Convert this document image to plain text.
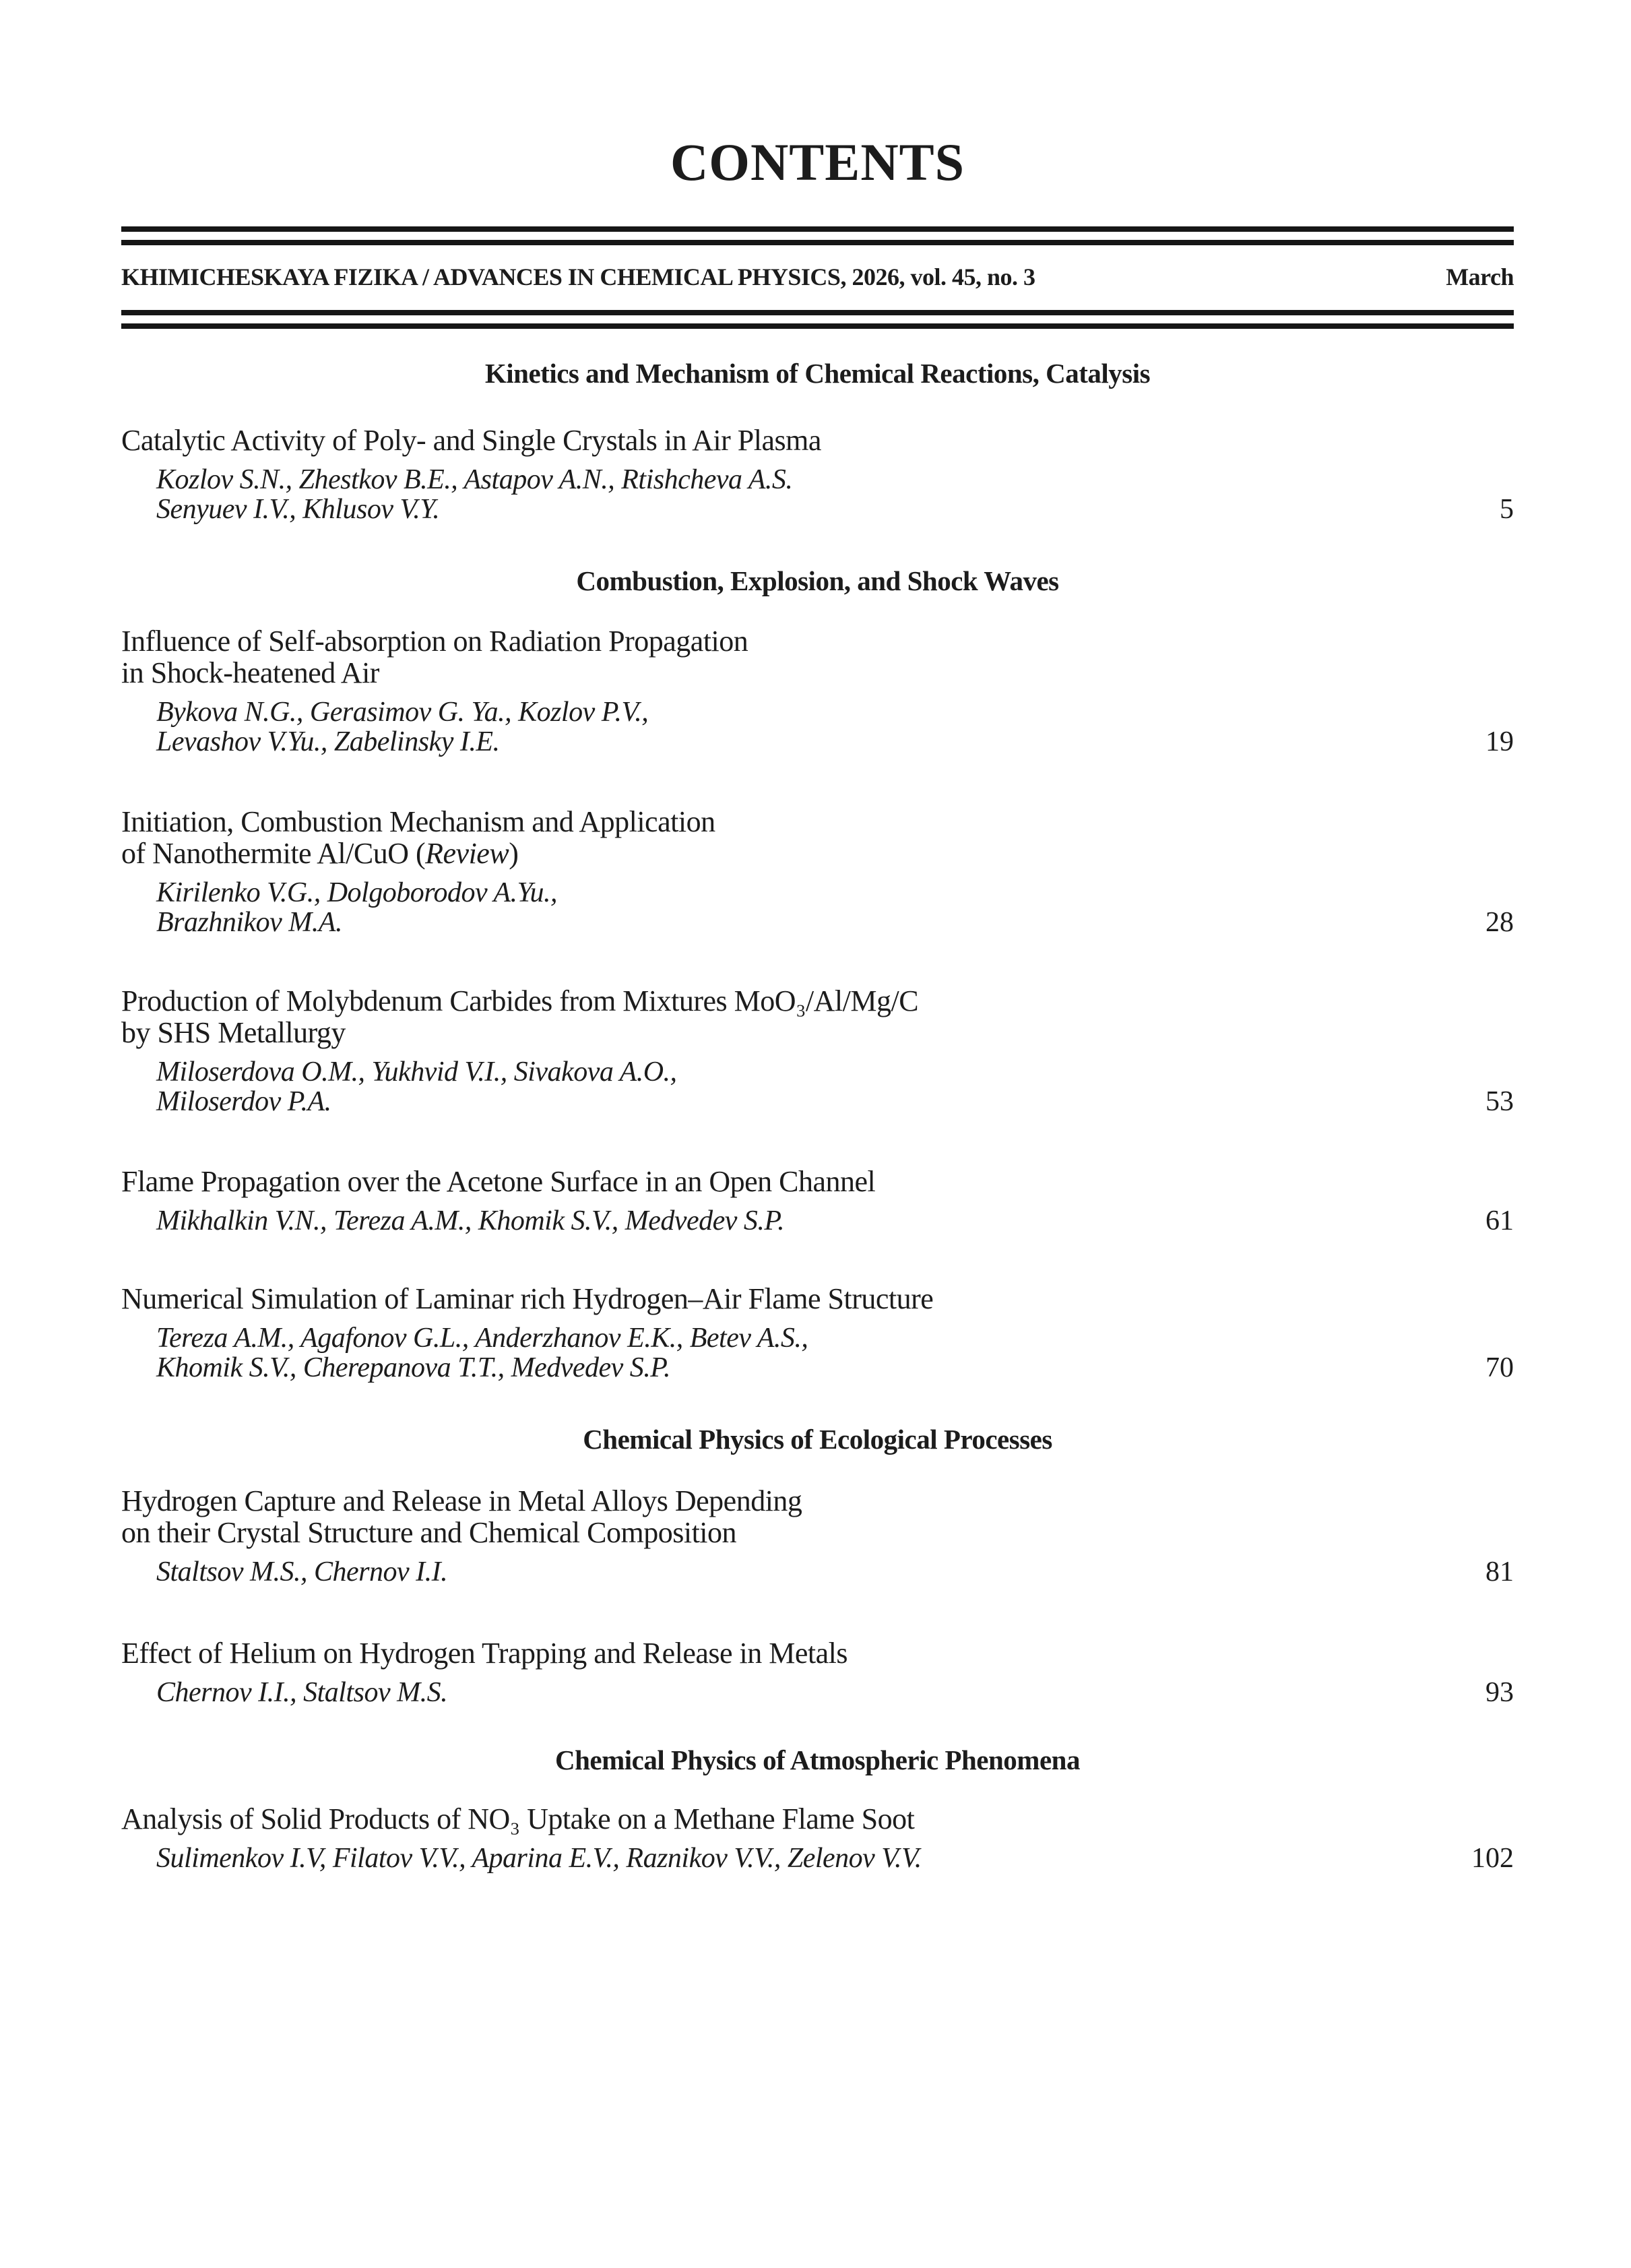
CONTENTS
KHIMICHESKAYA FIZIKA / ADVANCES IN CHEMICAL PHYSICS, 2026, vol. 45, no. 3	March
Kinetics and Mechanism of Chemical Reactions, Catalysis
Catalytic Activity of Poly- and Single Crystals in Air Plasma
Kozlov S.N., Zhestkov B.E., Astapov A.N., Rtishcheva A.S.
Senyuev I.V., Khlusov V.Y.	5
Combustion, Explosion, and Shock Waves
Influence of Self-absorption on Radiation Propagation
in Shock-heatened Air
Bykova N.G., Gerasimov G. Ya., Kozlov P.V.,
Levashov V.Yu., Zabelinsky I.E.	19
Initiation, Combustion Mechanism and Application
of Nanothermite Al/CuO (Review)
Kirilenko V.G., Dolgoborodov A.Yu.,
Brazhnikov M.A.	28
Production of Molybdenum Carbides from Mixtures MoO₃/Al/Mg/C
by SHS Metallurgy
Miloserdova O.M., Yukhvid V.I., Sivakova A.O.,
Miloserdov P.A.	53
Flame Propagation over the Acetone Surface in an Open Channel
Mikhalkin V.N., Tereza A.M., Khomik S.V., Medvedev S.P.	61
Numerical Simulation of Laminar rich Hydrogen–Air Flame Structure
Tereza A.M., Agafonov G.L., Anderzhanov E.K., Betev A.S.,
Khomik S.V., Cherepanova T.T., Medvedev S.P.	70
Chemical Physics of Ecological Processes
Hydrogen Capture and Release in Metal Alloys Depending
on their Crystal Structure and Chemical Composition
Staltsov M.S., Chernov I.I.	81
Effect of Helium on Hydrogen Trapping and Release in Metals
Chernov I.I., Staltsov M.S.	93
Chemical Physics of Atmospheric Phenomena
Analysis of Solid Products of NO₃ Uptake on a Methane Flame Soot
Sulimenkov I.V, Filatov V.V., Aparina E.V., Raznikov V.V., Zelenov V.V.	102
